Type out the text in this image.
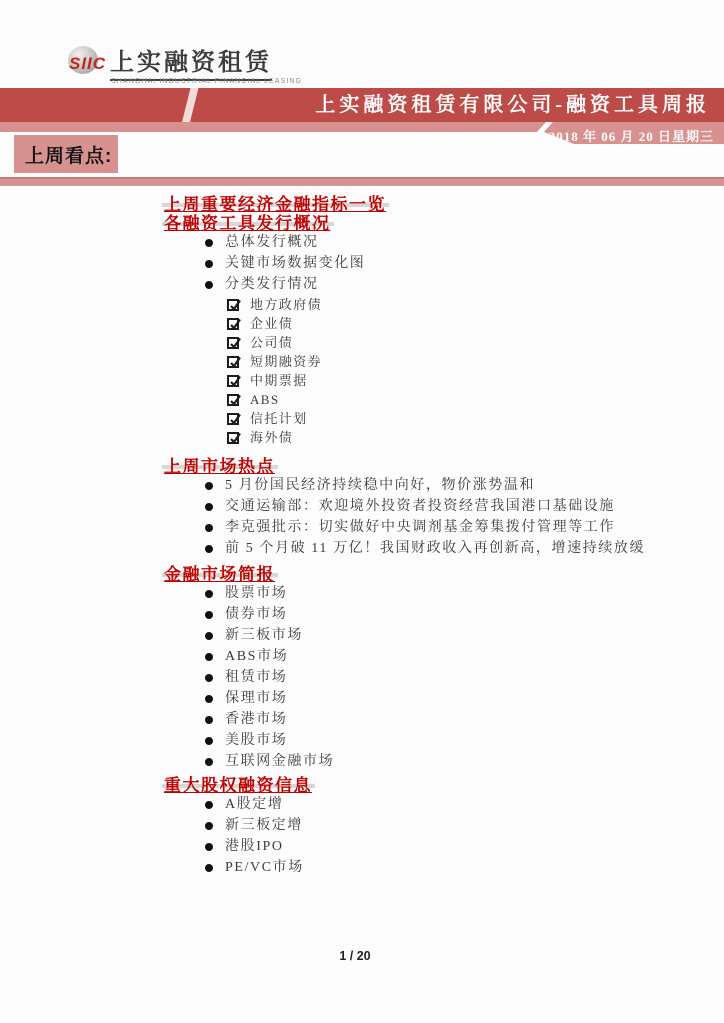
SIIC 上实融资租赁
SHANGHAI INDUSTRIAL FINANCIAL LEASING
上实融资租赁有限公司-融资工具周报
2018 年 06 月 20 日星期三
上周看点:
上周重要经济金融指标一览
各融资工具发行概况
总体发行概况
关键市场数据变化图
分类发行情况
地方政府债
企业债
公司债
短期融资券
中期票据
ABS
信托计划
海外债
上周市场热点
5 月份国民经济持续稳中向好，物价涨势温和
交通运输部：欢迎境外投资者投资经营我国港口基础设施
李克强批示：切实做好中央调剂基金筹集拨付管理等工作
前 5 个月破 11 万亿！我国财政收入再创新高，增速持续放缓
金融市场简报
股票市场
债券市场
新三板市场
ABS市场
租赁市场
保理市场
香港市场
美股市场
互联网金融市场
重大股权融资信息
A股定增
新三板定增
港股IPO
PE/VC市场
1 / 20
